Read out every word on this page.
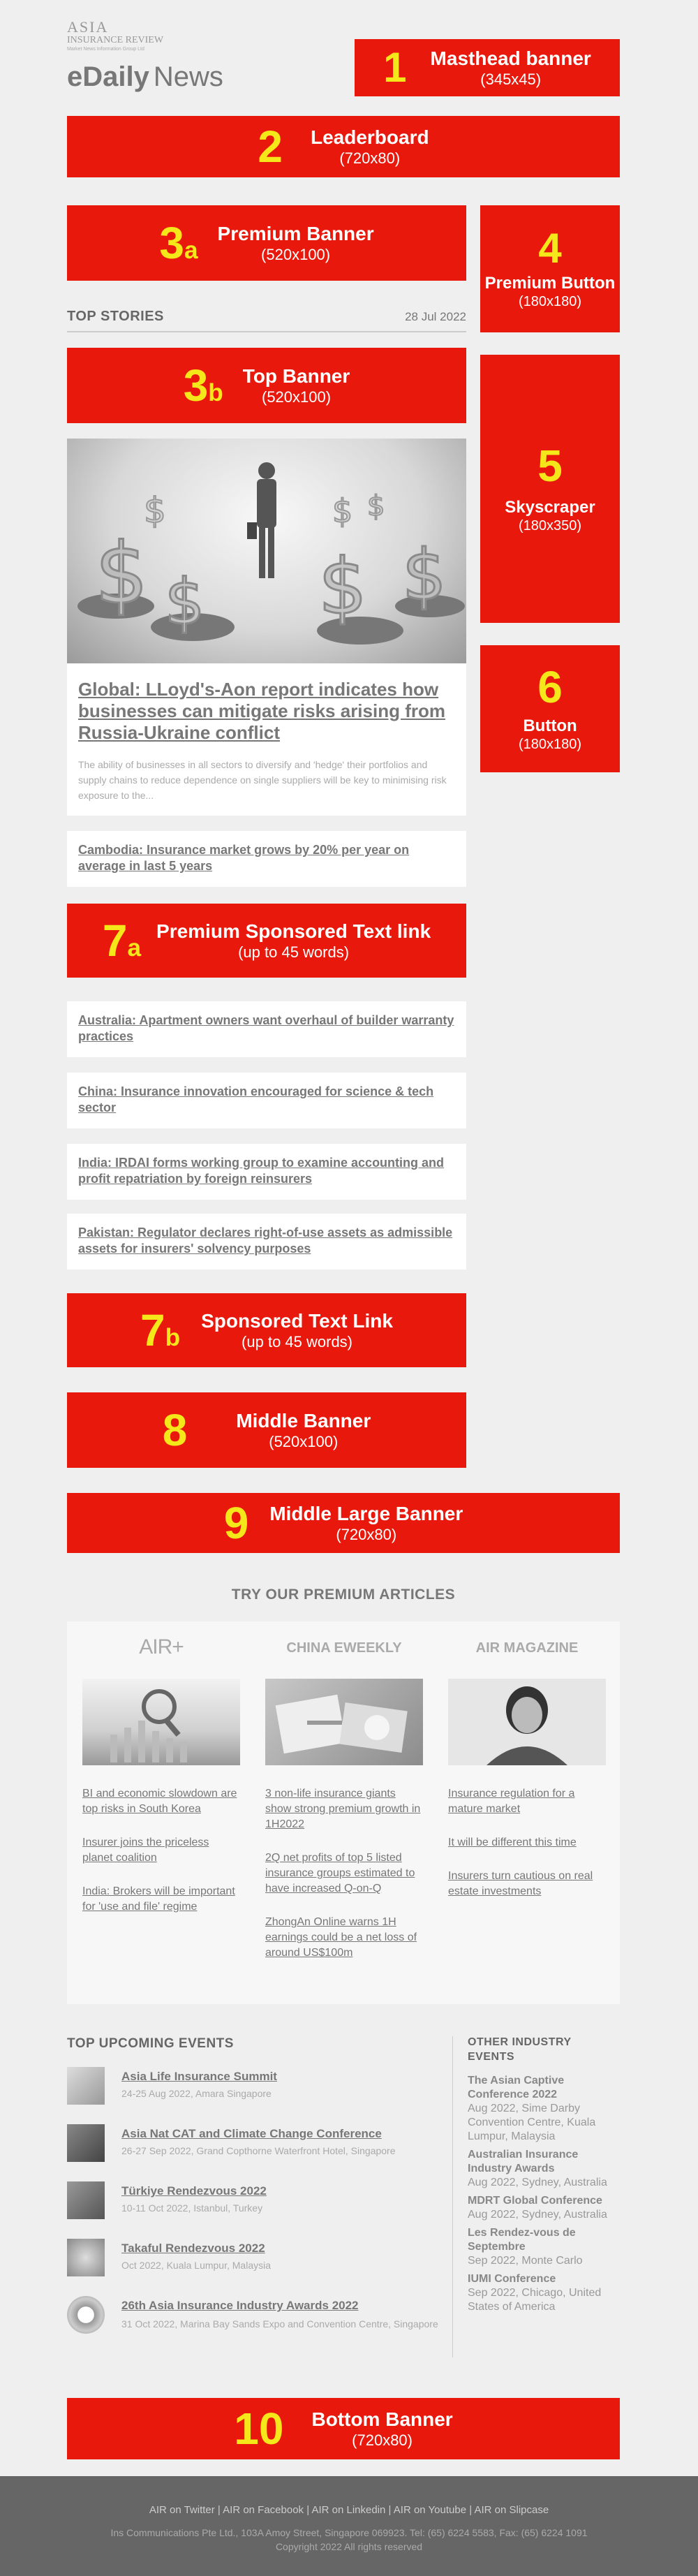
ASIA
INSURANCE REVIEW
Market News Information Group Ltd
eDaily News	1 Masthead banner
(345x45)
2 Leaderboard
(720x80)
3a
Premium Banner
(520x100)	4
Premium Button
(180x180)
TOP STORIES	28 Jul 2022
3b
Top Banner
(520x100)
5
Skyscraper
(180x350)
6
Button
(180x180)
$ $ $ $
$	$ $
Global: LLoyd's-Aon report indicates how businesses can mitigate risks arising from Russia-Ukraine conflict
The ability of businesses in all sectors to diversify and 'hedge' their portfolios and supply chains to reduce dependence on single suppliers will be key to minimising risk exposure to the...
Cambodia: Insurance market grows by 20% per year on average in last 5 years
7a
Premium Sponsored Text link
(up to 45 words)
Australia: Apartment owners want overhaul of builder warranty practices
China: Insurance innovation encouraged for science & tech sector
India: IRDAI forms working group to examine accounting and profit repatriation by foreign reinsurers
Pakistan: Regulator declares right-of-use assets as admissible assets for insurers' solvency purposes
7b
Sponsored Text Link
(up to 45 words)
8	Middle Banner
(520x100)
9 Middle Large Banner
(720x80)
TRY OUR PREMIUM ARTICLES
AIR+
BI and economic slowdown are top risks in South Korea
Insurer joins the priceless planet coalition
India: Brokers will be important for 'use and file' regime
CHINA EWEEKLY
3 non-life insurance giants show strong premium growth in 1H2022
2Q net profits of top 5 listed insurance groups estimated to have increased Q-on-Q
ZhongAn Online warns 1H earnings could be a net loss of around US$100m
AIR MAGAZINE
Insurance regulation for a mature market
It will be different this time
Insurers turn cautious on real estate investments
TOP UPCOMING EVENTS
Asia Life Insurance Summit
24-25 Aug 2022, Amara Singapore
Asia Nat CAT and Climate Change Conference
26-27 Sep 2022, Grand Copthorne Waterfront Hotel, Singapore
Türkiye Rendezvous 2022
10-11 Oct 2022, Istanbul, Turkey
Takaful Rendezvous 2022
Oct 2022, Kuala Lumpur, Malaysia
26th Asia Insurance Industry Awards 2022
31 Oct 2022, Marina Bay Sands Expo and Convention Centre, Singapore
OTHER INDUSTRY EVENTS
The Asian Captive Conference 2022
Aug 2022, Sime Darby Convention Centre, Kuala Lumpur, Malaysia
Australian Insurance Industry Awards
Aug 2022, Sydney, Australia
MDRT Global Conference
Aug 2022, Sydney, Australia
Les Rendez-vous de Septembre
Sep 2022, Monte Carlo
IUMI Conference
Sep 2022, Chicago, United States of America
10 Bottom Banner
(720x80)
AIR on Twitter | AIR on Facebook | AIR on Linkedin | AIR on Youtube | AIR on Slipcase
Ins Communications Pte Ltd., 103A Amoy Street, Singapore 069923. Tel: (65) 6224 5583, Fax: (65) 6224 1091
Copyright 2022 All rights reserved
